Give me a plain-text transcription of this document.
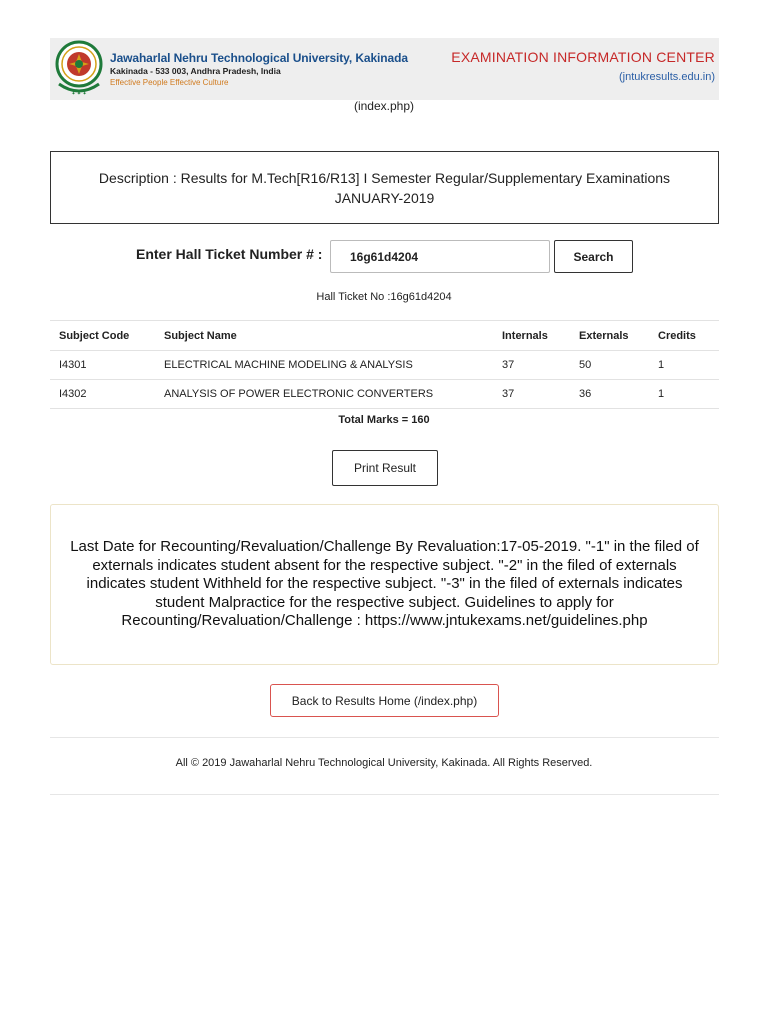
✦ ✦ ✦
Jawaharlal Nehru Technological University, Kakinada
Kakinada - 533 003, Andhra Pradesh, India
Effective People Effective Culture
EXAMINATION INFORMATION CENTER
(jntukresults.edu.in)
(index.php)
Description : Results for M.Tech[R16/R13] I Semester Regular/Supplementary Examinations JANUARY-2019
Enter Hall Ticket Number # :
16g61d4204	Search
Hall Ticket No :16g61d4204
Subject Code	Subject Name	Internals	Externals	Credits
I4301	ELECTRICAL MACHINE MODELING & ANALYSIS	37	50	1
I4302	ANALYSIS OF POWER ELECTRONIC CONVERTERS	37	36	1
Total Marks = 160
Print Result
Last Date for Recounting/Revaluation/Challenge By Revaluation:17-05-2019. "-1" in the filed of externals indicates student absent for the respective subject. "-2" in the filed of externals indicates student Withheld for the respective subject. "-3" in the filed of externals indicates student Malpractice for the respective subject. Guidelines to apply for Recounting/Revaluation/Challenge : https://www.jntukexams.net/guidelines.php
Back to Results Home (/index.php)
All © 2019 Jawaharlal Nehru Technological University, Kakinada. All Rights Reserved.
